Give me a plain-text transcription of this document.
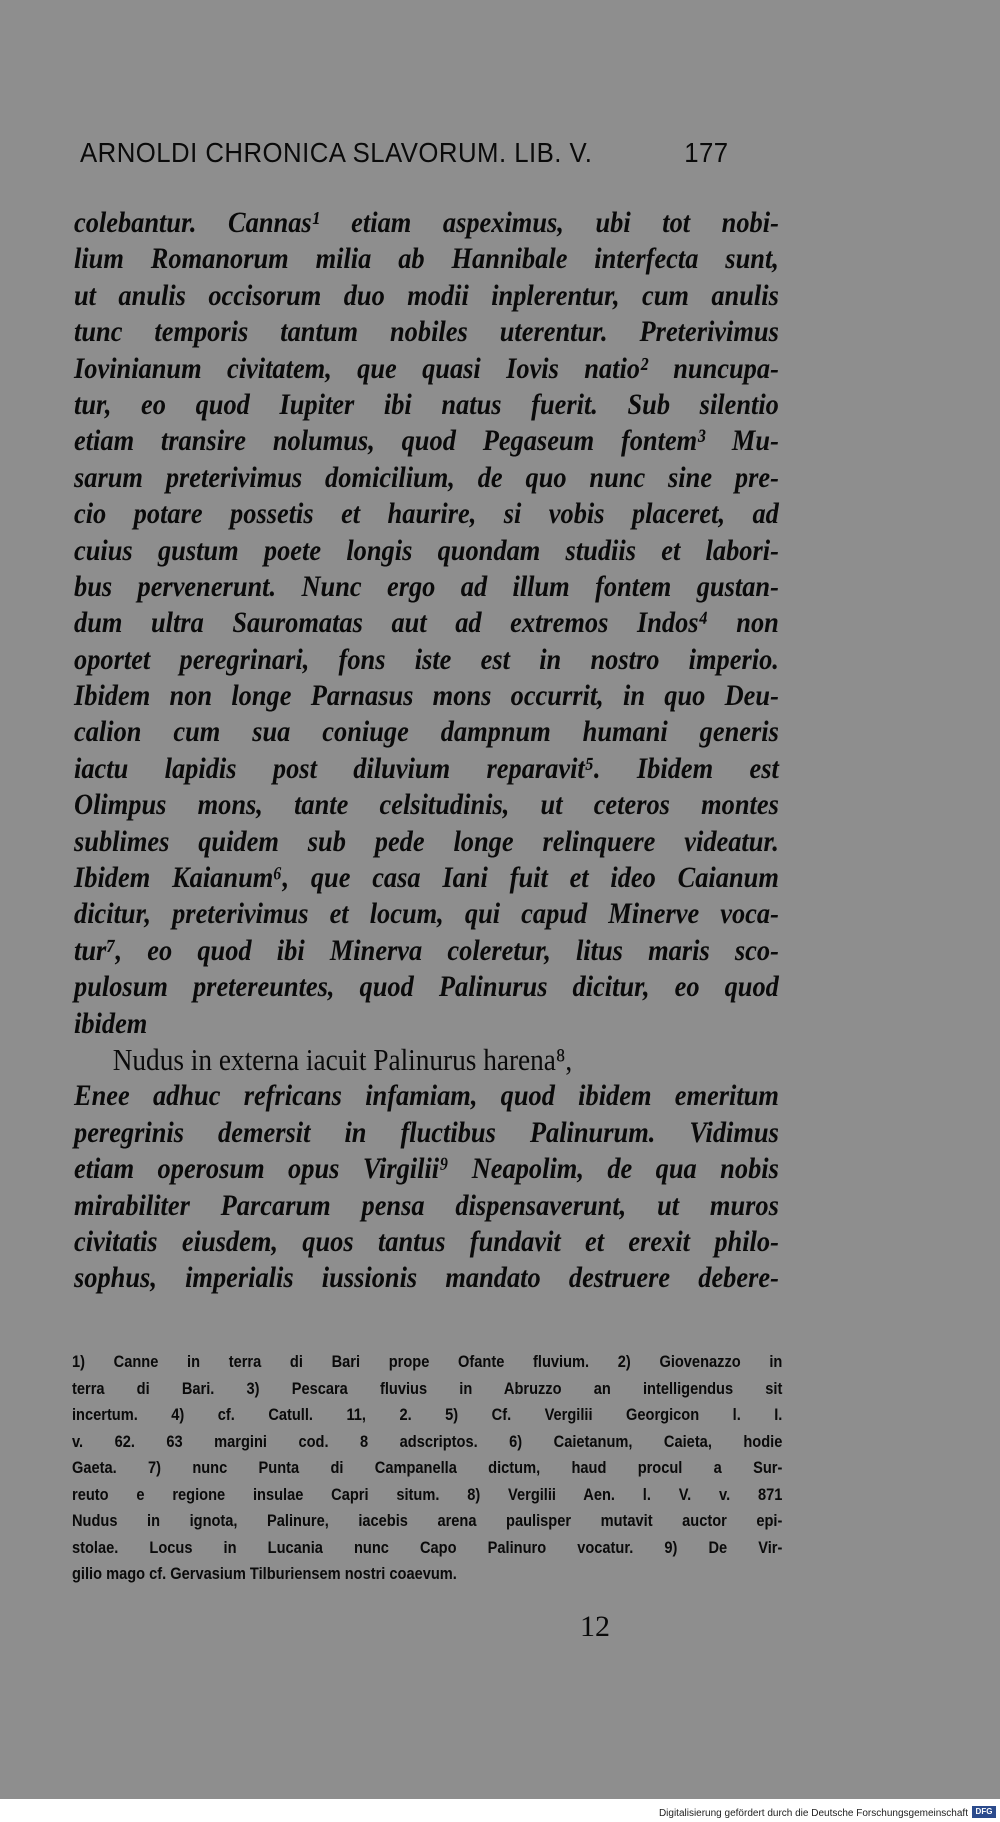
ARNOLDI CHRONICA SLAVORUM. LIB. V.	177
colebantur. Cannas¹ etiam aspeximus, ubi tot nobi-
lium Romanorum milia ab Hannibale interfecta sunt,
ut anulis occisorum duo modii inplerentur, cum anulis
tunc temporis tantum nobiles uterentur. Preterivimus
Iovinianum civitatem, que quasi Iovis natio² nuncupa-
tur, eo quod Iupiter ibi natus fuerit. Sub silentio
etiam transire nolumus, quod Pegaseum fontem³ Mu-
sarum preterivimus domicilium, de quo nunc sine pre-
cio potare possetis et haurire, si vobis placeret, ad
cuius gustum poete longis quondam studiis et labori-
bus pervenerunt. Nunc ergo ad illum fontem gustan-
dum ultra Sauromatas aut ad extremos Indos⁴ non
oportet peregrinari, fons iste est in nostro imperio.
Ibidem non longe Parnasus mons occurrit, in quo Deu-
calion cum sua coniuge dampnum humani generis
iactu lapidis post diluvium reparavit⁵. Ibidem est
Olimpus mons, tante celsitudinis, ut ceteros montes
sublimes quidem sub pede longe relinquere videatur.
Ibidem Kaianum⁶, que casa Iani fuit et ideo Caianum
dicitur, preterivimus et locum, qui capud Minerve voca-
tur⁷, eo quod ibi Minerva coleretur, litus maris sco-
pulosum pretereuntes, quod Palinurus dicitur, eo quod
ibidem
Nudus in externa iacuit Palinurus harena⁸,
Enee adhuc refricans infamiam, quod ibidem emeritum
peregrinis demersit in fluctibus Palinurum. Vidimus
etiam operosum opus Virgilii⁹ Neapolim, de qua nobis
mirabiliter Parcarum pensa dispensaverunt, ut muros
civitatis eiusdem, quos tantus fundavit et erexit philo-
sophus, imperialis iussionis mandato destruere debere-
1) Canne in terra di Bari prope Ofante fluvium. 2) Giovenazzo in
terra di Bari. 3) Pescara fluvius in Abruzzo an intelligendus sit
incertum. 4) cf. Catull. 11, 2. 5) Cf. Vergilii Georgicon l. I.
v. 62. 63 margini cod. 8 adscriptos. 6) Caietanum, Caieta, hodie
Gaeta. 7) nunc Punta di Campanella dictum, haud procul a Sur-
reuto e regione insulae Capri situm. 8) Vergilii Aen. l. V. v. 871
Nudus in ignota, Palinure, iacebis arena paulisper mutavit auctor epi-
stolae. Locus in Lucania nunc Capo Palinuro vocatur. 9) De Vir-
gilio mago cf. Gervasium Tilburiensem nostri coaevum.
12
Digitalisierung gefördert durch die Deutsche Forschungsgemeinschaft DFG
